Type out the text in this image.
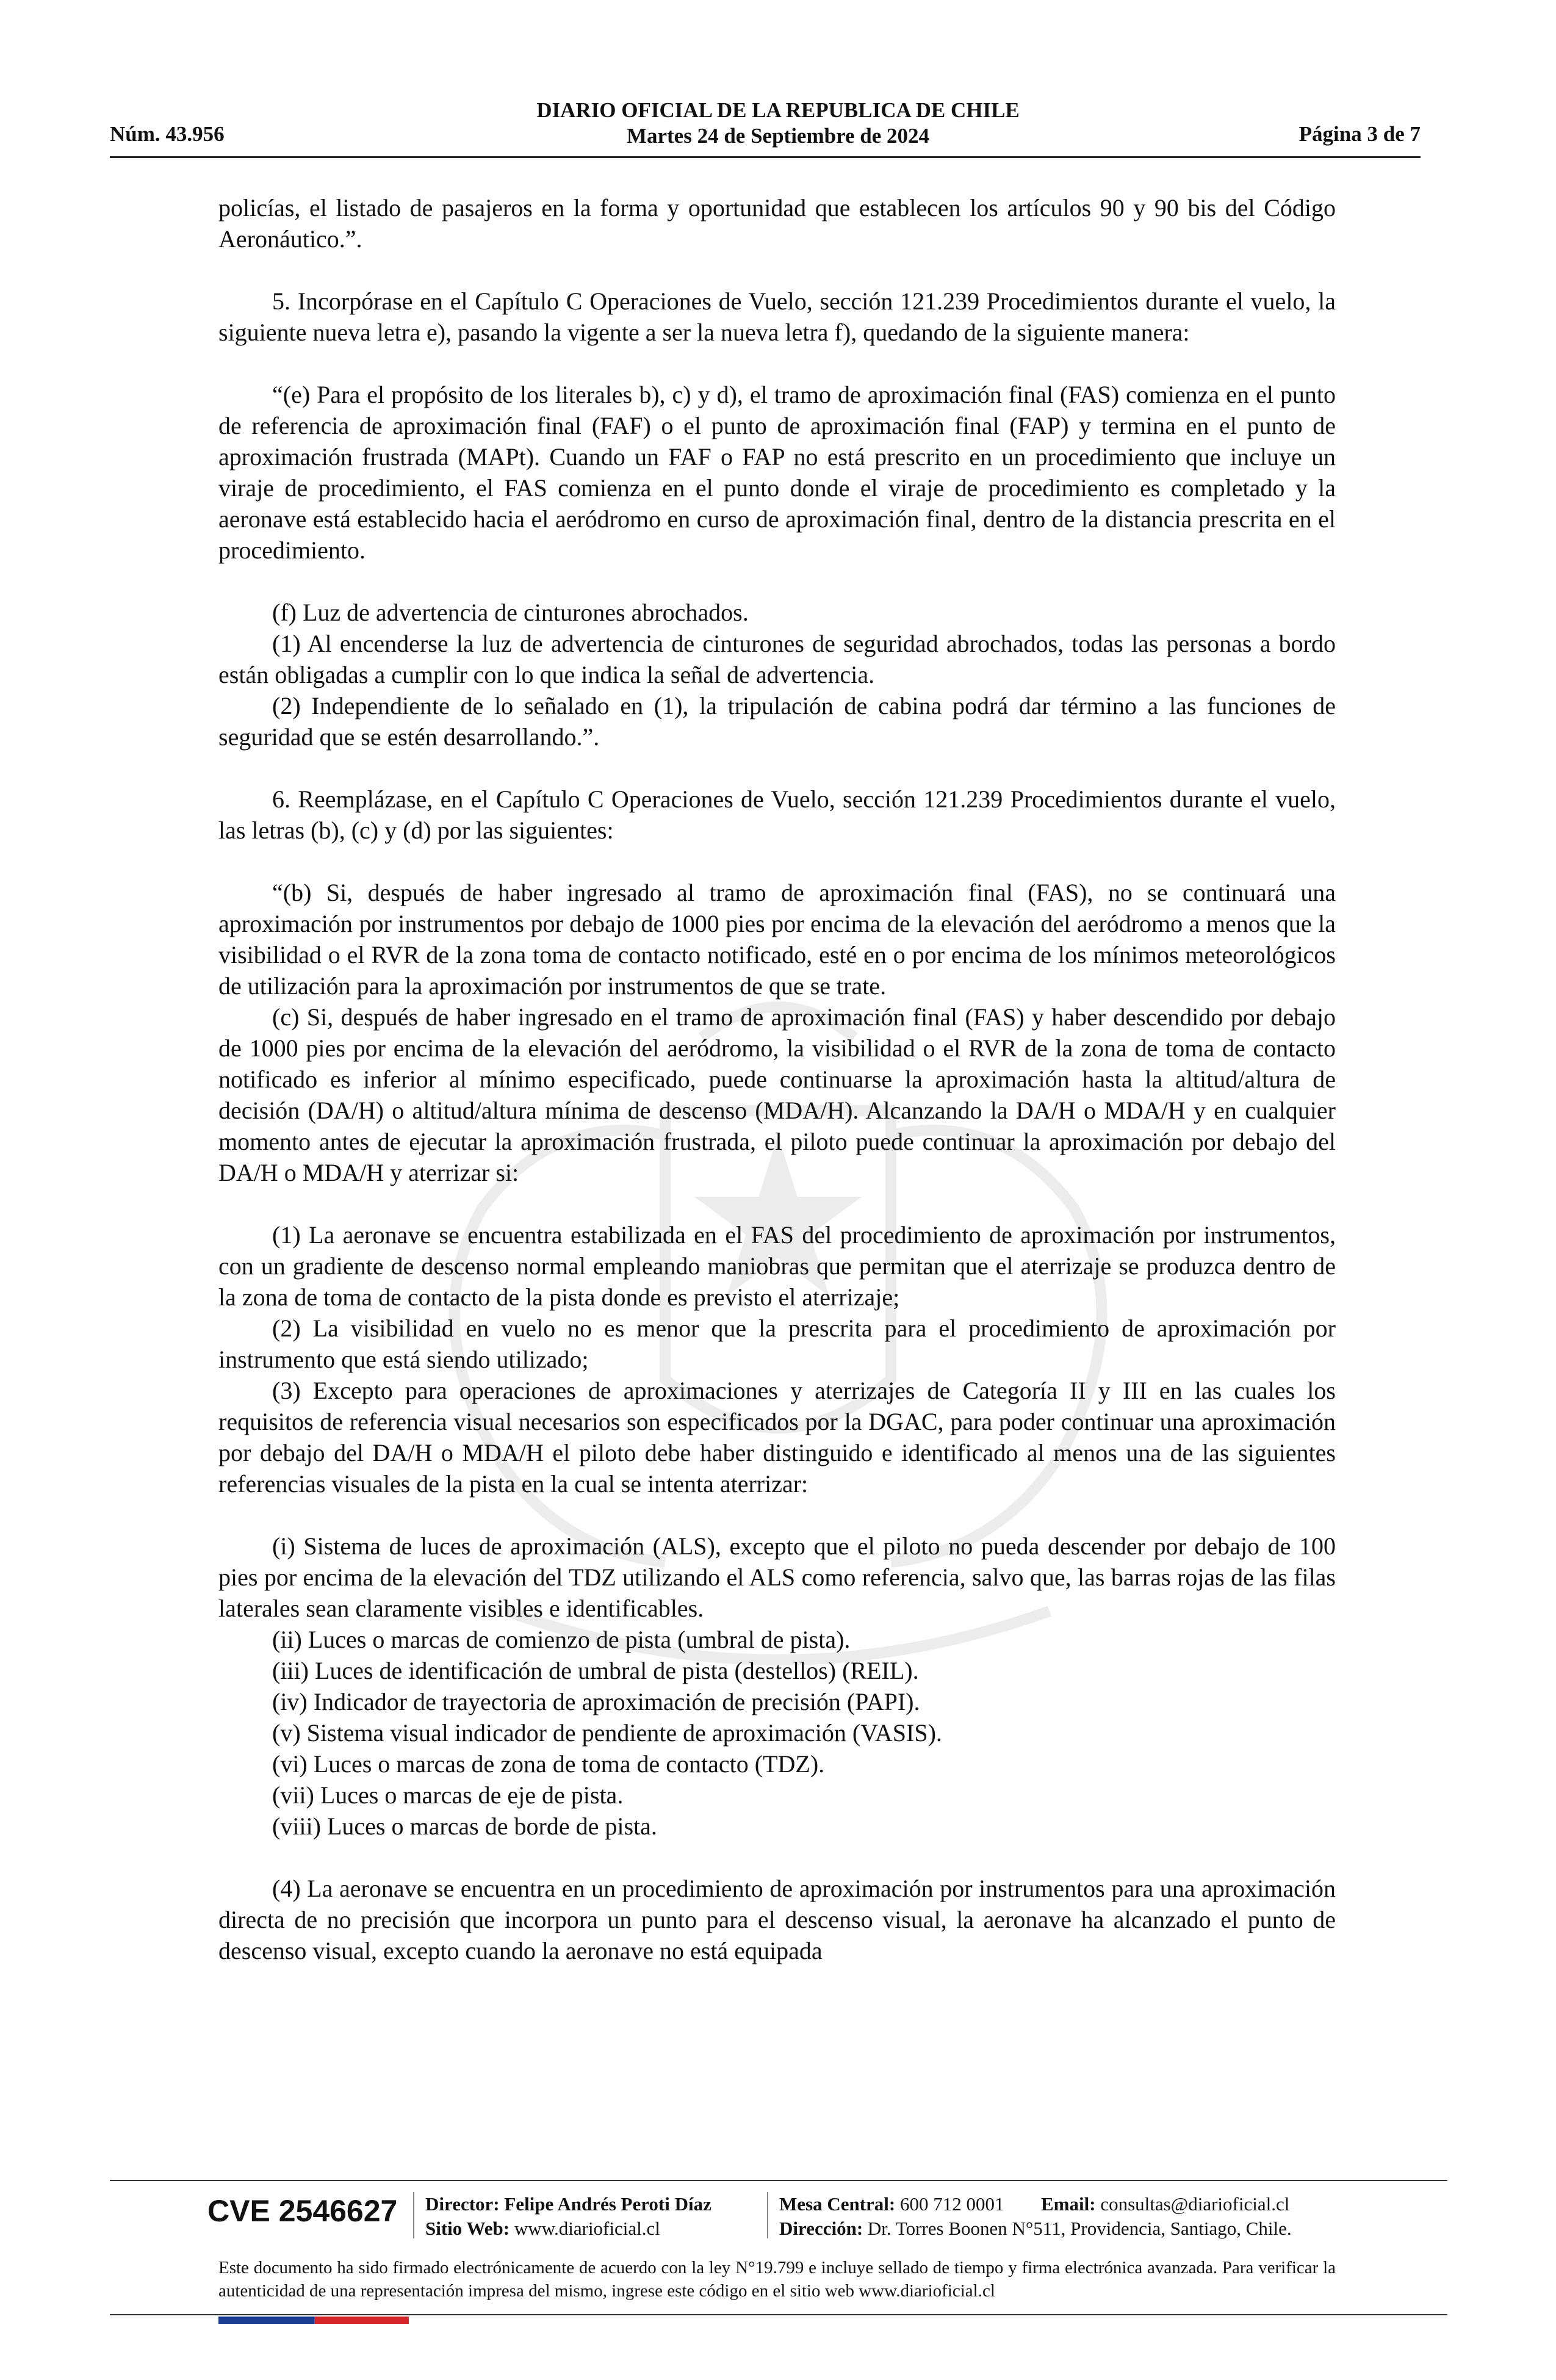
Núm. 43.956
DIARIO OFICIAL DE LA REPUBLICA DE CHILE
Martes 24 de Septiembre de 2024	Página 3 de 7

policías, el listado de pasajeros en la forma y oportunidad que establecen los artículos 90 y 90 bis del Código Aeronáutico.”.

5. Incorpórase en el Capítulo C Operaciones de Vuelo, sección 121.239 Procedimientos durante el vuelo, la siguiente nueva letra e), pasando la vigente a ser la nueva letra f), quedando de la siguiente manera:

“(e) Para el propósito de los literales b), c) y d), el tramo de aproximación final (FAS) comienza en el punto de referencia de aproximación final (FAF) o el punto de aproximación final (FAP) y termina en el punto de aproximación frustrada (MAPt). Cuando un FAF o FAP no está prescrito en un procedimiento que incluye un viraje de procedimiento, el FAS comienza en el punto donde el viraje de procedimiento es completado y la aeronave está establecido hacia el aeródromo en curso de aproximación final, dentro de la distancia prescrita en el procedimiento.

(f) Luz de advertencia de cinturones abrochados.

(1) Al encenderse la luz de advertencia de cinturones de seguridad abrochados, todas las personas a bordo están obligadas a cumplir con lo que indica la señal de advertencia.

(2) Independiente de lo señalado en (1), la tripulación de cabina podrá dar término a las funciones de seguridad que se estén desarrollando.”.

6. Reemplázase, en el Capítulo C Operaciones de Vuelo, sección 121.239 Procedimientos durante el vuelo, las letras (b), (c) y (d) por las siguientes:

“(b) Si, después de haber ingresado al tramo de aproximación final (FAS), no se continuará una aproximación por instrumentos por debajo de 1000 pies por encima de la elevación del aeródromo a menos que la visibilidad o el RVR de la zona toma de contacto notificado, esté en o por encima de los mínimos meteorológicos de utilización para la aproximación por instrumentos de que se trate.

(c) Si, después de haber ingresado en el tramo de aproximación final (FAS) y haber descendido por debajo de 1000 pies por encima de la elevación del aeródromo, la visibilidad o el RVR de la zona de toma de contacto notificado es inferior al mínimo especificado, puede continuarse la aproximación hasta la altitud/altura de decisión (DA/H) o altitud/altura mínima de descenso (MDA/H). Alcanzando la DA/H o MDA/H y en cualquier momento antes de ejecutar la aproximación frustrada, el piloto puede continuar la aproximación por debajo del DA/H o MDA/H y aterrizar si:

(1) La aeronave se encuentra estabilizada en el FAS del procedimiento de aproximación por instrumentos, con un gradiente de descenso normal empleando maniobras que permitan que el aterrizaje se produzca dentro de la zona de toma de contacto de la pista donde es previsto el aterrizaje;

(2) La visibilidad en vuelo no es menor que la prescrita para el procedimiento de aproximación por instrumento que está siendo utilizado;

(3) Excepto para operaciones de aproximaciones y aterrizajes de Categoría II y III en las cuales los requisitos de referencia visual necesarios son especificados por la DGAC, para poder continuar una aproximación por debajo del DA/H o MDA/H el piloto debe haber distinguido e identificado al menos una de las siguientes referencias visuales de la pista en la cual se intenta aterrizar:

(i) Sistema de luces de aproximación (ALS), excepto que el piloto no pueda descender por debajo de 100 pies por encima de la elevación del TDZ utilizando el ALS como referencia, salvo que, las barras rojas de las filas laterales sean claramente visibles e identificables.

(ii) Luces o marcas de comienzo de pista (umbral de pista).

(iii) Luces de identificación de umbral de pista (destellos) (REIL).

(iv) Indicador de trayectoria de aproximación de precisión (PAPI).

(v) Sistema visual indicador de pendiente de aproximación (VASIS).

(vi) Luces o marcas de zona de toma de contacto (TDZ).

(vii) Luces o marcas de eje de pista.

(viii) Luces o marcas de borde de pista.

(4) La aeronave se encuentra en un procedimiento de aproximación por instrumentos para una aproximación directa de no precisión que incorpora un punto para el descenso visual, la aeronave ha alcanzado el punto de descenso visual, excepto cuando la aeronave no está equipada

CVE 2546627 Director: Felipe Andrés Peroti Díaz
Sitio Web: www.diarioficial.cl
Mesa Central: 600 712 0001
Dirección: Dr. Torres Boonen N°511, Providencia, Santiago, Chile.
Email: consultas@diarioficial.cl
Este documento ha sido firmado electrónicamente de acuerdo con la ley N°19.799 e incluye sellado de tiempo y firma electrónica avanzada. Para verificar la autenticidad de una representación impresa del mismo, ingrese este código en el sitio web www.diarioficial.cl
